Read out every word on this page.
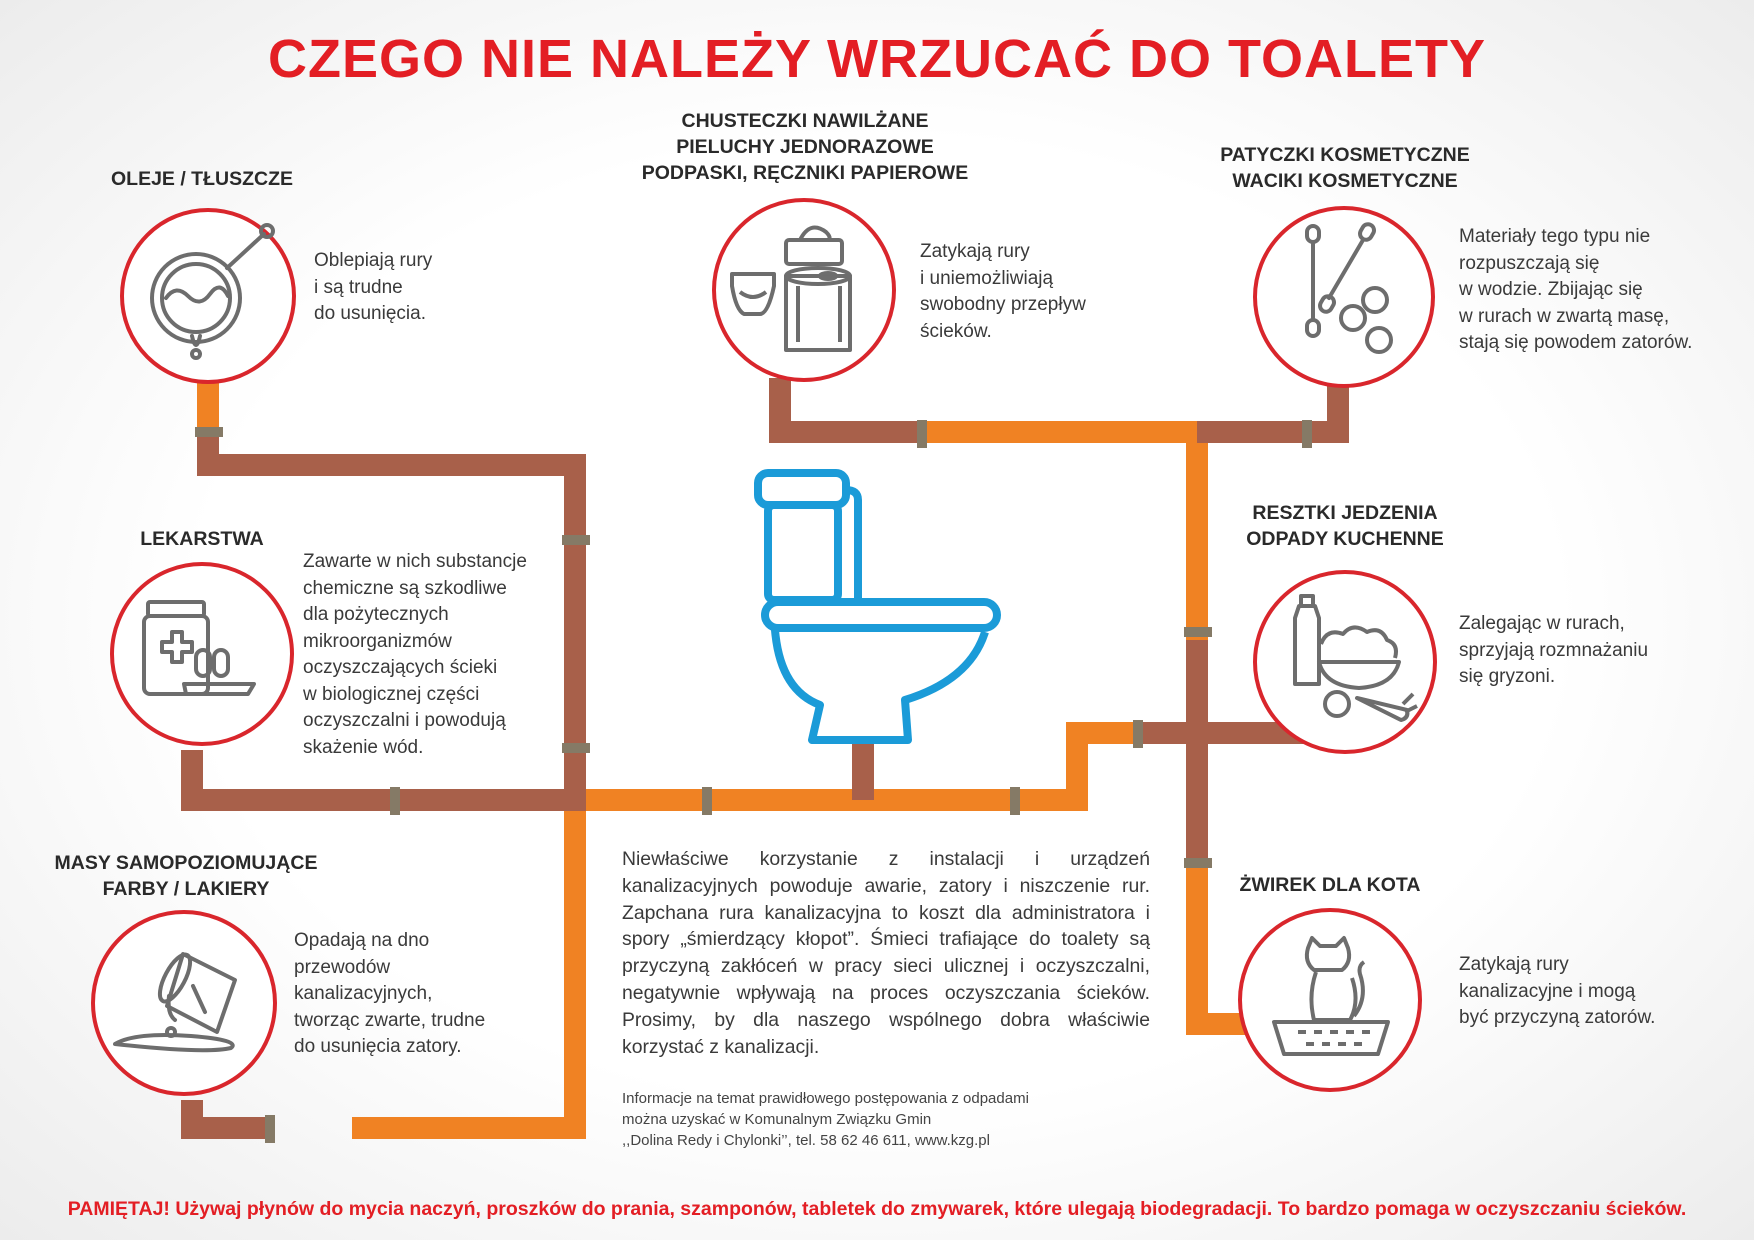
CZEGO NIE NALEŻY WRZUCAĆ DO TOALETY
OLEJE / TŁUSZCZE
Oblepiają rury
i są trudne
do usunięcia.
CHUSTECZKI NAWILŻANE
PIELUCHY JEDNORAZOWE
PODPASKI, RĘCZNIKI PAPIEROWE
Zatykają rury
i uniemożliwiają
swobodny przepływ
ścieków.
PATYCZKI KOSMETYCZNE
WACIKI KOSMETYCZNE
Materiały tego typu nie
rozpuszczają się
w wodzie. Zbijając się
w rurach w zwartą masę,
stają się powodem zatorów.
LEKARSTWA
Zawarte w nich substancje
chemiczne są szkodliwe
dla pożytecznych
mikroorganizmów
oczyszczających ścieki
w biologicznej części
oczyszczalni i powodują
skażenie wód.
RESZTKI JEDZENIA
ODPADY KUCHENNE
Zalegając w rurach,
sprzyjają rozmnażaniu
się gryzoni.
MASY SAMOPOZIOMUJĄCE
FARBY / LAKIERY
Opadają na dno
przewodów
kanalizacyjnych,
tworząc zwarte, trudne
do usunięcia zatory.
ŻWIREK DLA KOTA
Zatykają rury
kanalizacyjne i mogą
być przyczyną zatorów.
Niewłaściwe korzystanie z instalacji i urządzeń kanalizacyjnych powoduje awarie, zatory i niszczenie rur. Zapchana rura kanalizacyjna to koszt dla administratora i spory „śmierdzący kłopot”. Śmieci trafiające do toalety są przyczyną zakłóceń w pracy sieci ulicznej i oczyszczalni, negatywnie wpływają na proces oczyszczania ścieków. Prosimy, by dla naszego wspólnego dobra właściwie korzystać z kanalizacji.
Informacje na temat prawidłowego postępowania z odpadami
można uzyskać w Komunalnym Związku Gmin
,,Dolina Redy i Chylonki’’, tel. 58 62 46 611, www.kzg.pl
PAMIĘTAJ! Używaj płynów do mycia naczyń, proszków do prania, szamponów, tabletek do zmywarek, które ulegają biodegradacji. To bardzo pomaga w oczyszczaniu ścieków.
